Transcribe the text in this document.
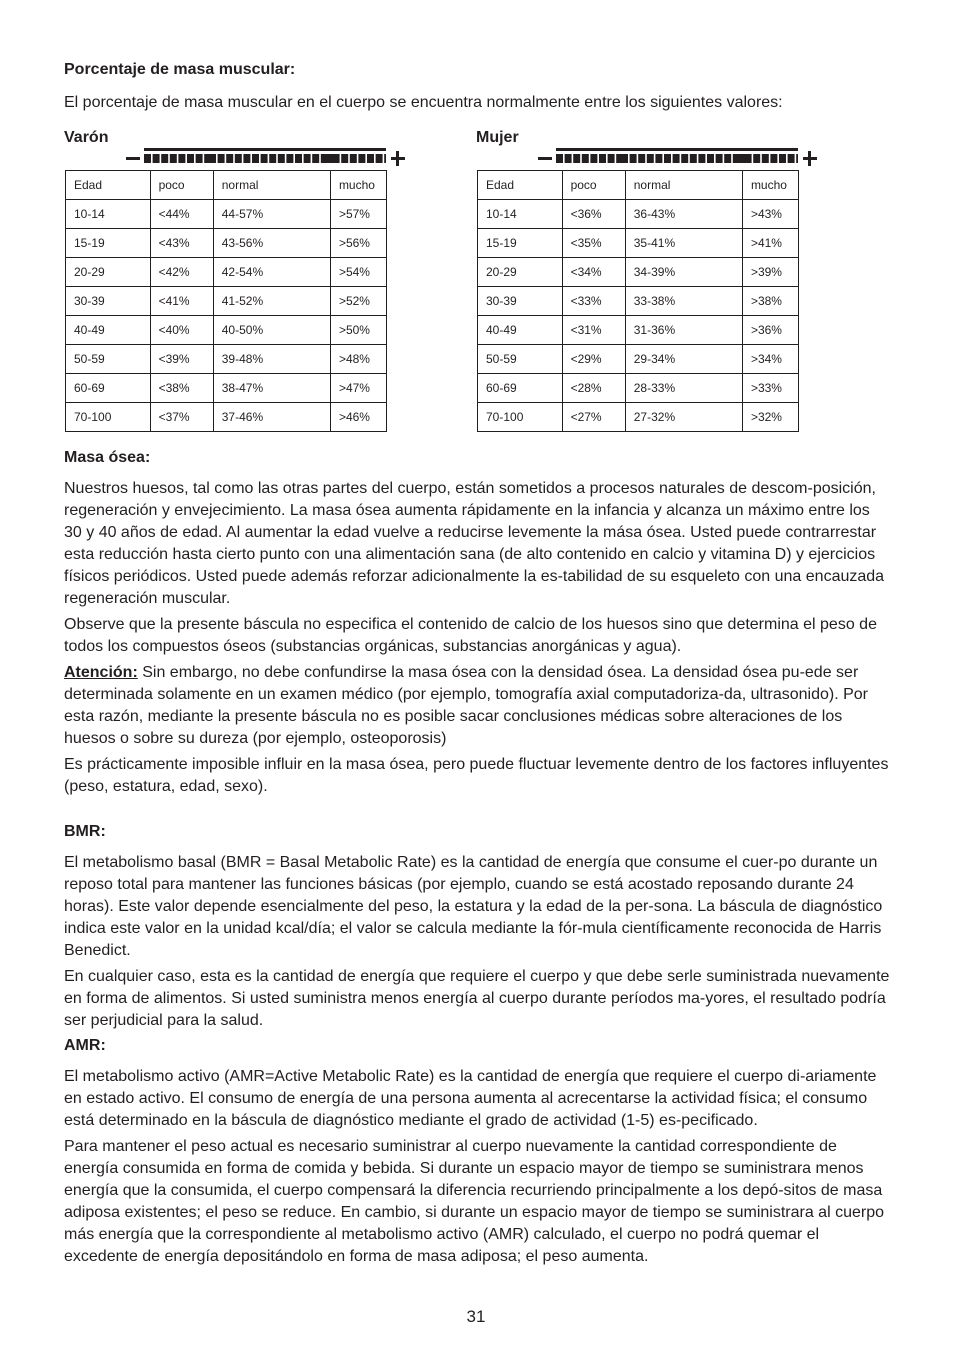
Porcentaje de masa muscular:

El porcentaje de masa muscular en el cuerpo se encuentra normalmente entre los siguientes valores:

Varón
Edad	poco	normal	mucho
10-14	<44%	44-57%	>57%
15-19	<43%	43-56%	>56%
20-29	<42%	42-54%	>54%
30-39	<41%	41-52%	>52%
40-49	<40%	40-50%	>50%
50-59	<39%	39-48%	>48%
60-69	<38%	38-47%	>47%
70-100	<37%	37-46%	>46%
Mujer
Edad	poco	normal	mucho
10-14	<36%	36-43%	>43%
15-19	<35%	35-41%	>41%
20-29	<34%	34-39%	>39%
30-39	<33%	33-38%	>38%
40-49	<31%	31-36%	>36%
50-59	<29%	29-34%	>34%
60-69	<28%	28-33%	>33%
70-100	<27%	27-32%	>32%

Masa ósea:

Nuestros huesos, tal como las otras partes del cuerpo, están sometidos a procesos naturales de descom-posición, regeneración y envejecimiento. La masa ósea aumenta rápidamente en la infancia y alcanza un máximo entre los 30 y 40 años de edad. Al aumentar la edad vuelve a reducirse levemente la mása ósea. Usted puede contrarrestar esta reducción hasta cierto punto con una alimentación sana (de alto contenido en calcio y vitamina D) y ejercicios físicos periódicos. Usted puede además reforzar adicionalmente la es-tabilidad de su esqueleto con una encauzada regeneración muscular.

Observe que la presente báscula no especifica el contenido de calcio de los huesos sino que determina el peso de todos los compuestos óseos (substancias orgánicas, substancias anorgánicas y agua).

Atención: Sin embargo, no debe confundirse la masa ósea con la densidad ósea. La densidad ósea pu-ede ser determinada solamente en un examen médico (por ejemplo, tomografía axial computadoriza-da, ultrasonido). Por esta razón, mediante la presente báscula no es posible sacar conclusiones médicas sobre alteraciones de los huesos o sobre su dureza (por ejemplo, osteoporosis)

Es prácticamente imposible influir en la masa ósea, pero puede fluctuar levemente dentro de los factores influyentes (peso, estatura, edad, sexo).

BMR:

El metabolismo basal (BMR = Basal Metabolic Rate) es la cantidad de energía que consume el cuer-po durante un reposo total para mantener las funciones básicas (por ejemplo, cuando se está acostado reposando durante 24 horas). Este valor depende esencialmente del peso, la estatura y la edad de la per-sona. La báscula de diagnóstico indica este valor en la unidad kcal/día; el valor se calcula mediante la fór-mula científicamente reconocida de Harris Benedict.

En cualquier caso, esta es la cantidad de energía que requiere el cuerpo y que debe serle suministrada nuevamente en forma de alimentos. Si usted suministra menos energía al cuerpo durante períodos ma-yores, el resultado podría ser perjudicial para la salud.

AMR:

El metabolismo activo (AMR=Active Metabolic Rate) es la cantidad de energía que requiere el cuerpo di-ariamente en estado activo. El consumo de energía de una persona aumenta al acrecentarse la actividad física; el consumo está determinado en la báscula de diagnóstico mediante el grado de actividad (1-5) es-pecificado.

Para mantener el peso actual es necesario suministrar al cuerpo nuevamente la cantidad correspondiente de energía consumida en forma de comida y bebida. Si durante un espacio mayor de tiempo se suministrara menos energía que la consumida, el cuerpo compensará la diferencia recurriendo principalmente a los depó-sitos de masa adiposa existentes; el peso se reduce. En cambio, si durante un espacio mayor de tiempo se suministrara al cuerpo más energía que la correspondiente al metabolismo activo (AMR) calculado, el cuerpo no podrá quemar el excedente de energía depositándolo en forma de masa adiposa; el peso aumenta.

31
